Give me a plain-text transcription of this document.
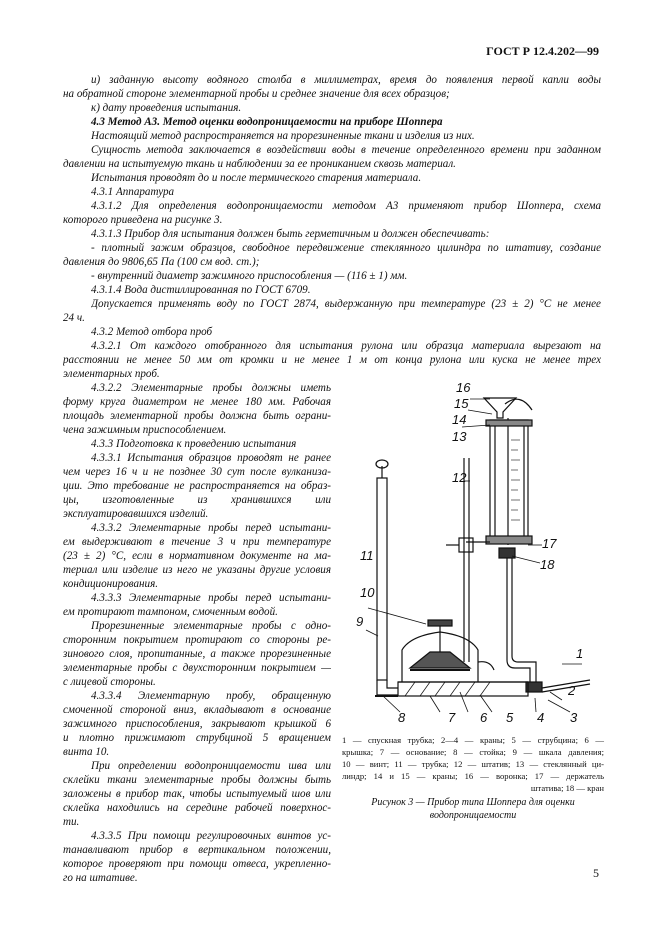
ГОСТ Р 12.4.202—99
и) заданную высоту водяного столба в миллиметрах, время до появления первой капли воды
на обратной стороне элементарной пробы и среднее значение для всех образцов;
к) дату проведения испытания.
4.3 Метод А3. Метод оценки водопроницаемости на приборе Шоппера
Настоящий метод распространяется на прорезиненные ткани и изделия из них.
Сущность метода заключается в воздействии воды в течение определенного времени при заданном
давлении на испытуемую ткань и наблюдении за ее прониканием сквозь материал.
Испытания проводят до и после термического старения материала.
4.3.1 Аппаратура
4.3.1.2 Для определения водопроницаемости методом А3 применяют прибор Шоппера, схема
которого приведена на рисунке 3.
4.3.1.3 Прибор для испытания должен быть герметичным и должен обеспечивать:
- плотный зажим образцов, свободное передвижение стеклянного цилиндра по штативу, создание
давления до 9806,65 Па (100 см вод. ст.);
- внутренний диаметр зажимного приспособления — (116 ± 1) мм.
4.3.1.4 Вода дистиллированная по ГОСТ 6709.
Допускается применять воду по ГОСТ 2874, выдержанную при температуре (23 ± 2) °С не менее
24 ч.
4.3.2 Метод отбора проб
4.3.2.1 От каждого отобранного для испытания рулона или образца материала вырезают на
расстоянии не менее 50 мм от кромки и не менее 1 м от конца рулона или куска не менее трех
элементарных проб.
4.3.2.2 Элементарные пробы должны иметь
форму круга диаметром не менее 180 мм. Рабочая
площадь элементарной пробы должна быть ограни-
чена зажимным приспособлением.
4.3.3 Подготовка к проведению испытания
4.3.3.1 Испытания образцов проводят не ранее
чем через 16 ч и не позднее 30 сут после вулканиза-
ции. Это требование не распространяется на образ-
цы, изготовленные из хранившихся или
эксплуатировавшихся изделий.
4.3.3.2 Элементарные пробы перед испытани-
ем выдерживают в течение 3 ч при температуре
(23 ± 2) °С, если в нормативном документе на ма-
териал или изделие из него не указаны другие условия
кондиционирования.
4.3.3.3 Элементарные пробы перед испытани-
ем протирают тампоном, смоченным водой.
Прорезиненные элементарные пробы с одно-
сторонним покрытием протирают со стороны ре-
зинового слоя, пропитанные, а также прорезиненные
элементарные пробы с двухсторонним покрытием —
с лицевой стороны.
4.3.3.4 Элементарную пробу, обращенную
смоченной стороной вниз, вкладывают в основание
зажимного приспособления, закрывают крышкой 6
и плотно прижимают струбциной 5 вращением
винта 10.
При определении водопроницаемости шва или
склейки ткани элементарные пробы должны быть
заложены в прибор так, чтобы испытуемый шов или
склейка находились на середине рабочей поверхнос-
ти.
4.3.3.5 При помощи регулировочных винтов ус-
танавливают прибор в вертикальном положении,
которое проверяют при помощи отвеса, укрепленно-
го на штативе.
16
15
14
13
12
17
18
11
10
9
1
2
3
4
5
6
7
8
1 — спускная трубка; 2—4 — краны; 5 — струбцина; 6 —
крышка; 7 — основание; 8 — стойка; 9 — шкала давления;
10 — винт; 11 — трубка; 12 — штатив; 13 — стеклянный ци-
линдр; 14 и 15 — краны; 16 — воронка; 17 — держатель
штатива; 18 — кран
Рисунок 3 — Прибор типа Шоппера для оценки
водопроницаемости
5
